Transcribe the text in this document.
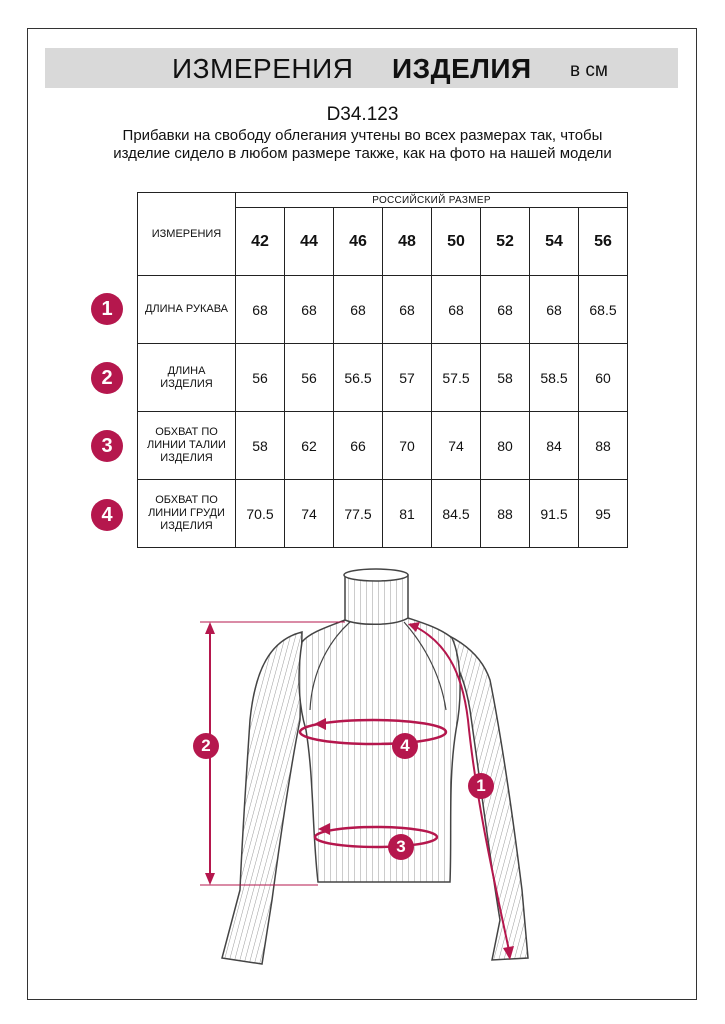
ИЗМЕРЕНИЯ ИЗДЕЛИЯ в см
D34.123
Прибавки на свободу облегания учтены во всех размерах так, чтобы изделие сидело в любом размере также, как на фото на нашей модели
ИЗМЕРЕНИЯ	РОССИЙСКИЙ РАЗМЕР							
	42	44	46	48	50	52	54	56
ДЛИНА РУКАВА	68	68	68	68	68	68	68	68.5
ДЛИНА
ИЗДЕЛИЯ	56	56	56.5	57	57.5	58	58.5	60
ОБХВАТ ПО
ЛИНИИ ТАЛИИ
ИЗДЕЛИЯ	58	62	66	70	74	80	84	88
ОБХВАТ ПО
ЛИНИИ ГРУДИ
ИЗДЕЛИЯ	70.5	74	77.5	81	84.5	88	91.5	95
1
2
3
4
2	4
1
3
